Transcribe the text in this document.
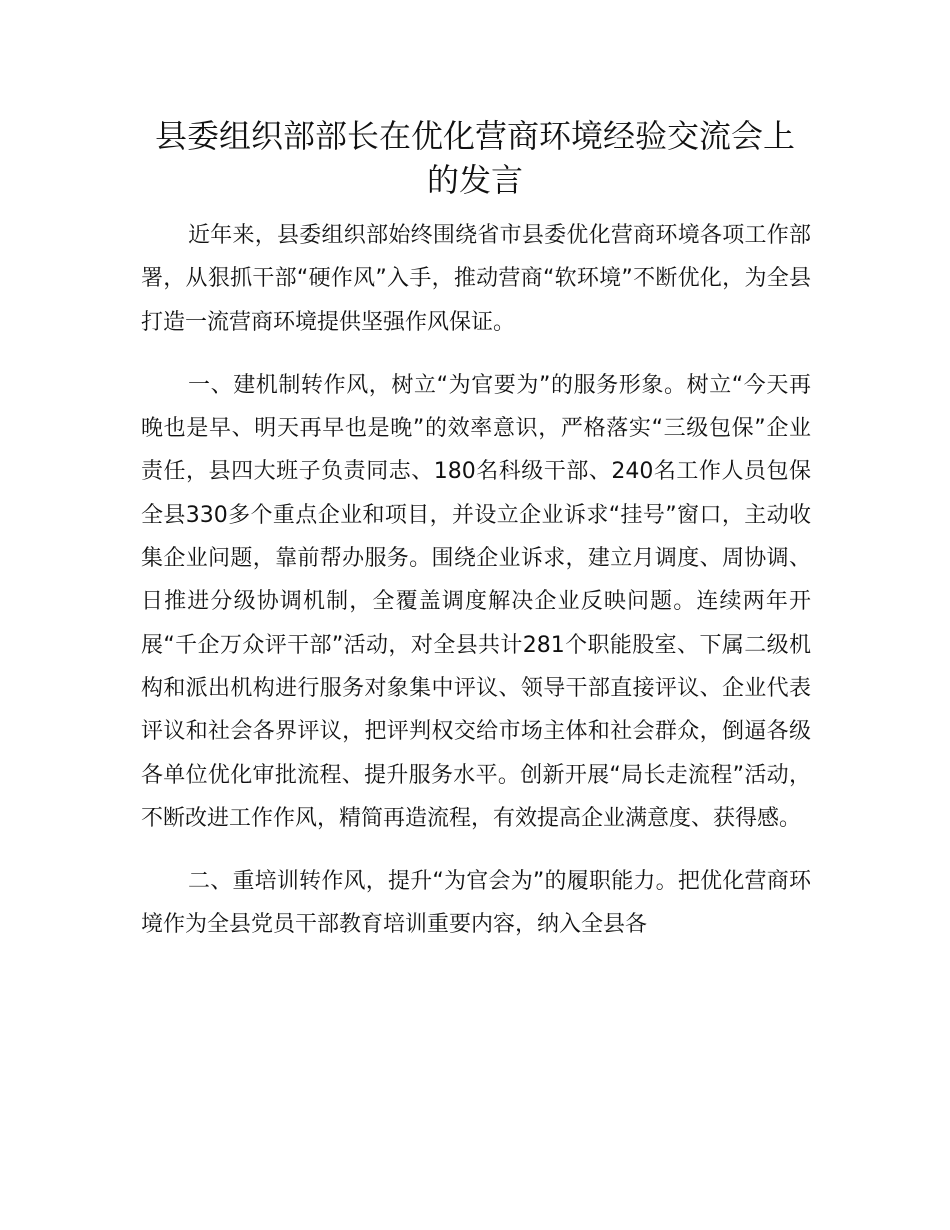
县委组织部部长在优化营商环境经验交流会上的发言

近年来，县委组织部始终围绕省市县委优化营商环境各项工作部署，从狠抓干部“硬作风”入手，推动营商“软环境”不断优化，为全县打造一流营商环境提供坚强作风保证。

一、建机制转作风，树立“为官要为”的服务形象。树立“今天再晚也是早、明天再早也是晚”的效率意识，严格落实“三级包保”企业责任，县四大班子负责同志、180名科级干部、240名工作人员包保全县330多个重点企业和项目，并设立企业诉求“挂号”窗口，主动收集企业问题，靠前帮办服务。围绕企业诉求，建立月调度、周协调、日推进分级协调机制，全覆盖调度解决企业反映问题。连续两年开展“千企万众评干部”活动，对全县共计281个职能股室、下属二级机构和派出机构进行服务对象集中评议、领导干部直接评议、企业代表评议和社会各界评议，把评判权交给市场主体和社会群众，倒逼各级各单位优化审批流程、提升服务水平。创新开展“局长走流程”活动，不断改进工作作风，精简再造流程，有效提高企业满意度、获得感。

二、重培训转作风，提升“为官会为”的履职能力。把优化营商环境作为全县党员干部教育培训重要内容，纳入全县各
